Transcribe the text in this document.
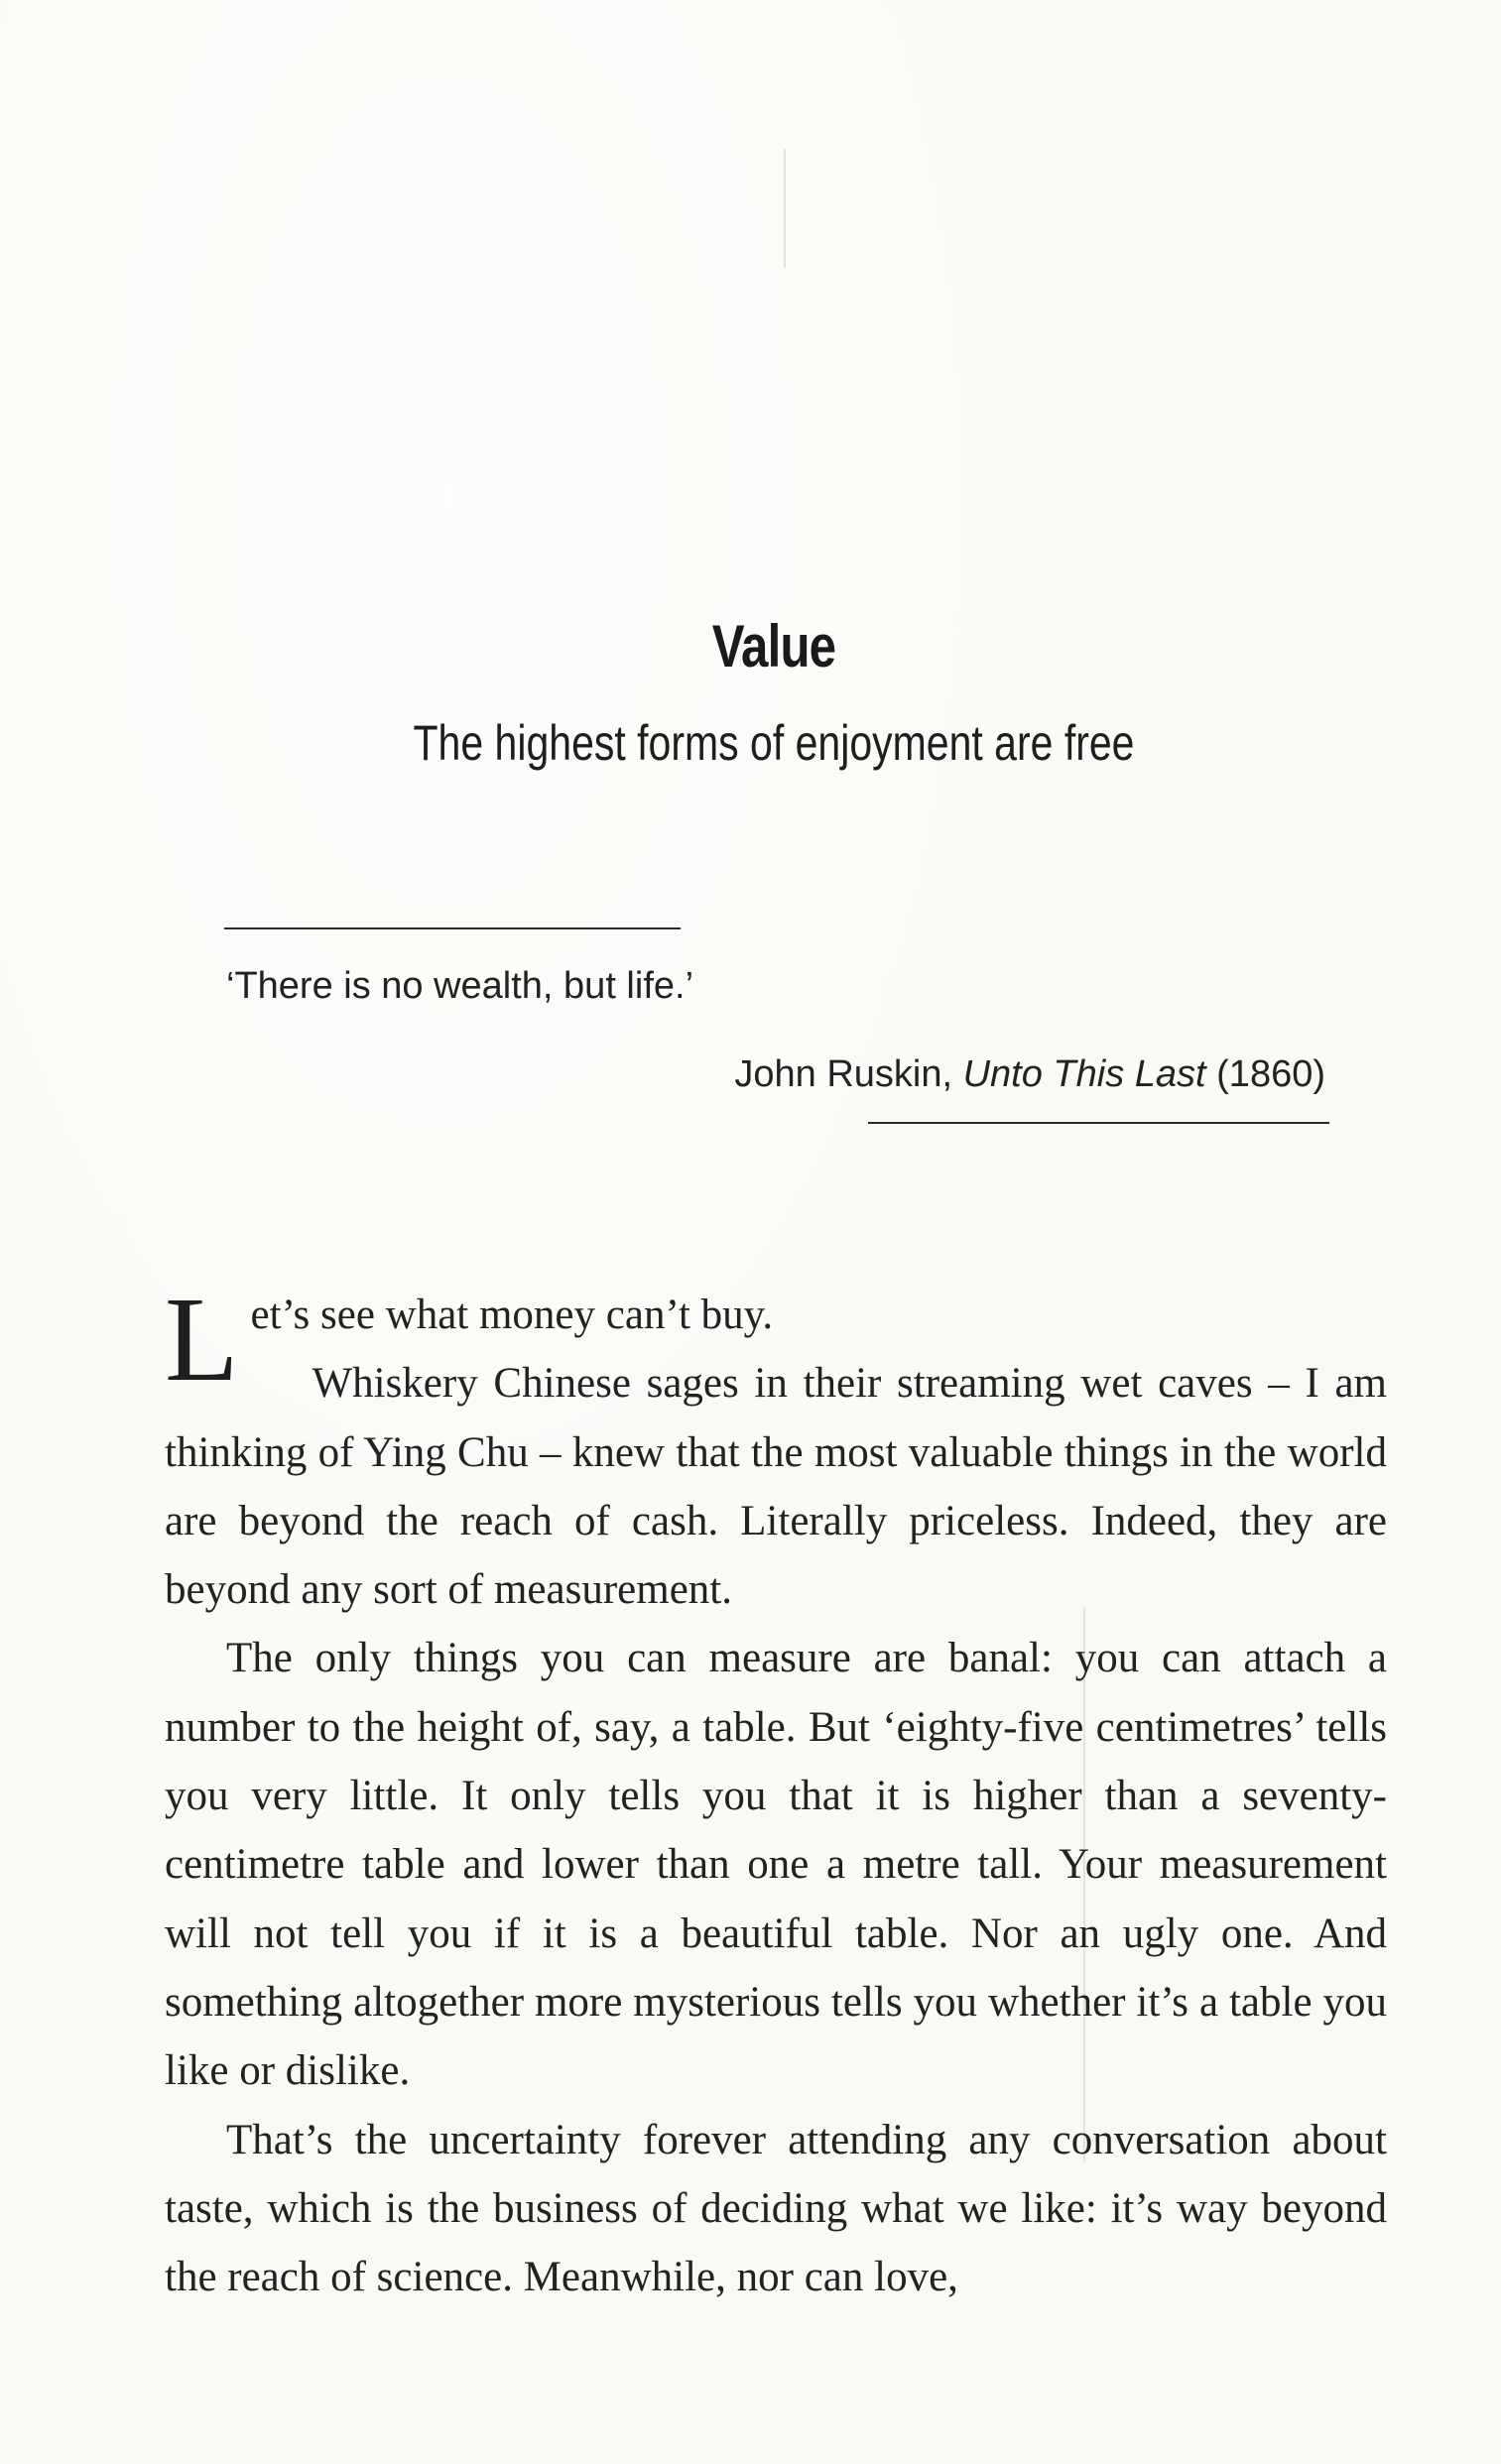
Value
The highest forms of enjoyment are free
‘There is no wealth, but life.’
John Ruskin, Unto This Last (1860)

Let’s see what money can’t buy.

Whiskery Chinese sages in their streaming wet caves – I am thinking of Ying Chu – knew that the most valuable things in the world are beyond the reach of cash. Literally priceless. Indeed, they are beyond any sort of measurement.

The only things you can measure are banal: you can attach a number to the height of, say, a table. But ‘eighty-five centimetres’ tells you very little. It only tells you that it is higher than a seventy-centimetre table and lower than one a metre tall. Your measurement will not tell you if it is a beautiful table. Nor an ugly one. And something altogether more mysterious tells you whether it’s a table you like or dislike.

That’s the uncertainty forever attending any conversation about taste, which is the business of deciding what we like: it’s way beyond the reach of science. Meanwhile, nor can love,
